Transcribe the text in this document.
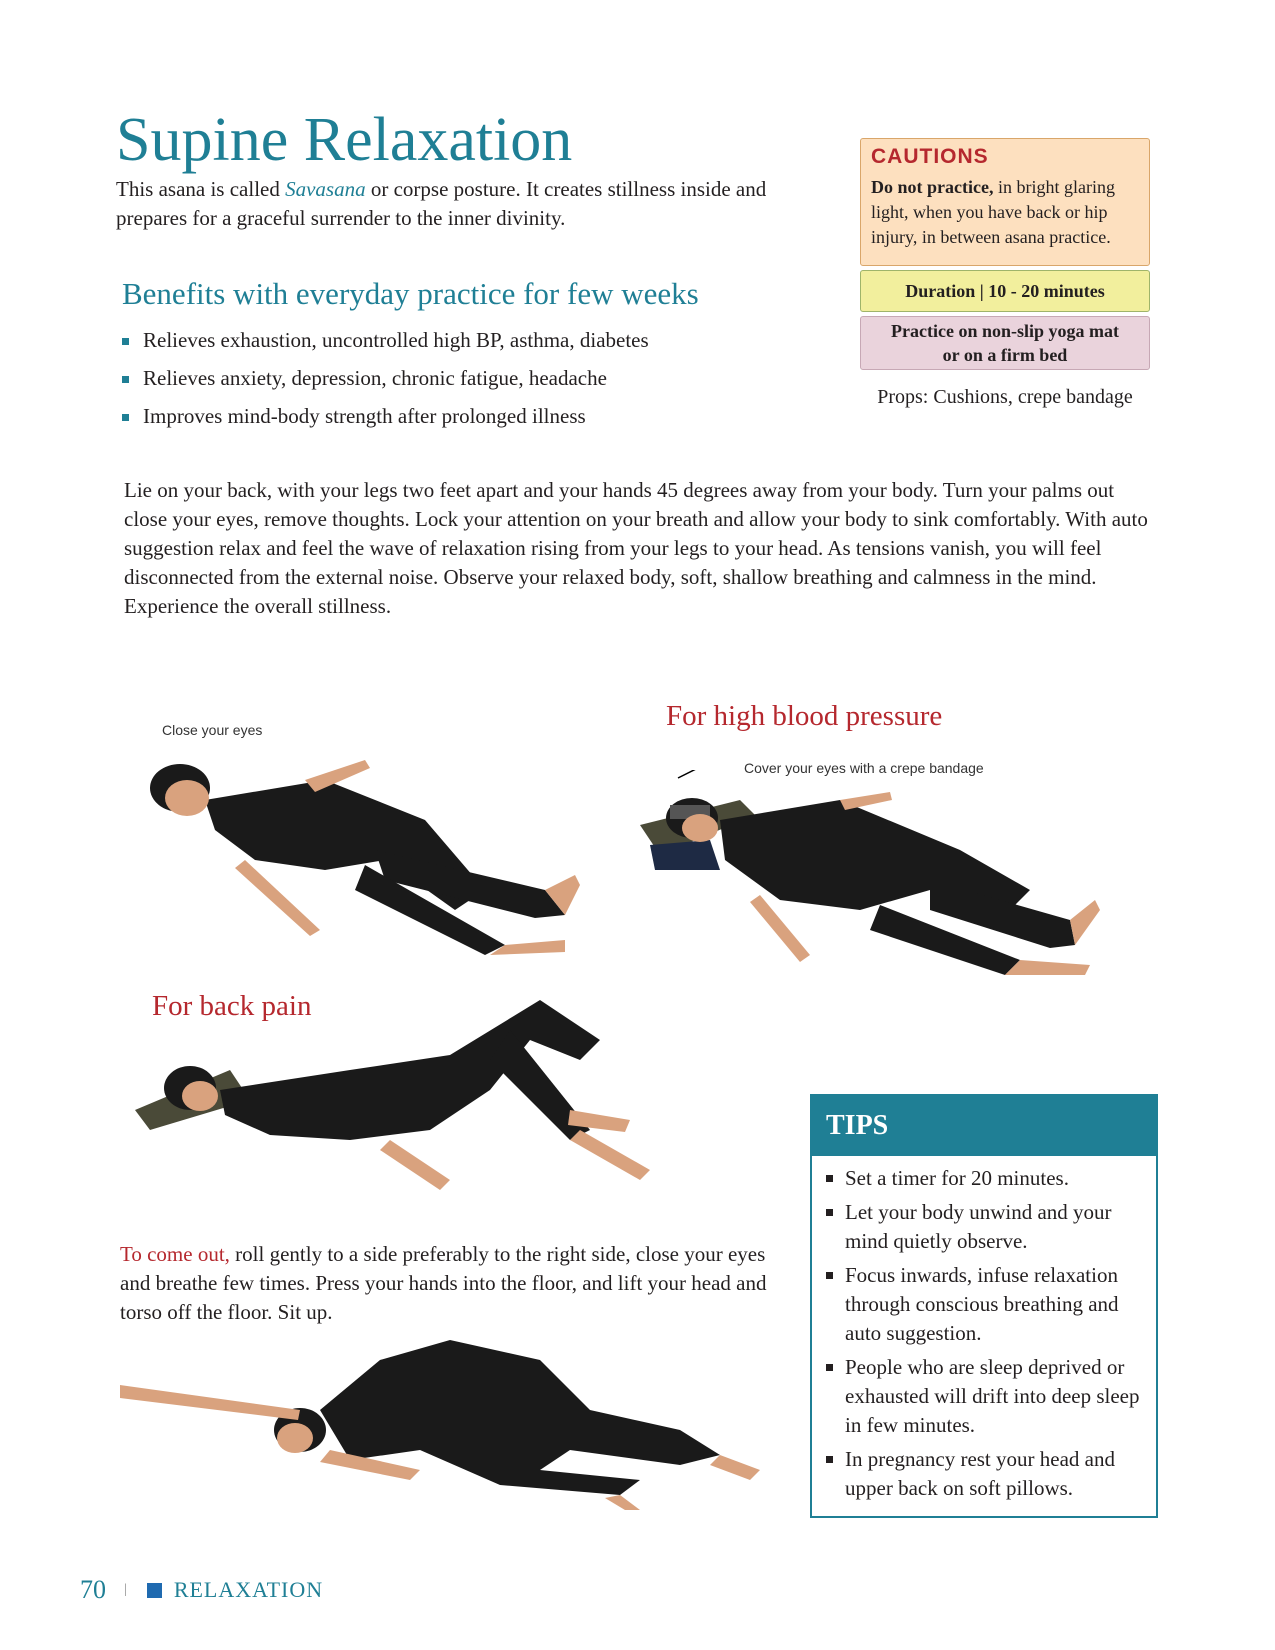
Supine Relaxation
This asana is called Savasana or corpse posture. It creates stillness inside and prepares for a graceful surrender to the inner divinity.
Benefits with everyday practice for few weeks
Relieves exhaustion, uncontrolled high BP, asthma, diabetes
Relieves anxiety, depression, chronic fatigue, headache
Improves mind-body strength after prolonged illness
CAUTIONS
Do not practice, in bright glaring light, when you have back or hip injury, in between asana practice.
Duration | 10 - 20 minutes
Practice on non-slip yoga mat
or on a firm bed
Props: Cushions, crepe bandage
Lie on your back, with your legs two feet apart and your hands 45 degrees away from your body. Turn your palms out close your eyes, remove thoughts. Lock your attention on your breath and allow your body to sink comfortably. With auto suggestion relax and feel the wave of relaxation rising from your legs to your head. As tensions vanish, you will feel disconnected from the external noise. Observe your relaxed body, soft, shallow breathing and calmness in the mind. Experience the overall stillness.
Close your eyes	For high blood pressure
Cover your eyes with a crepe bandage
For back pain
To come out, roll gently to a side preferably to the right side, close your eyes and breathe few times. Press your hands into the floor, and lift your head and torso off the floor. Sit up.
TIPS
Set a timer for 20 minutes.
Let your body unwind and your mind quietly observe.
Focus inwards, infuse relaxation through conscious breathing and auto suggestion.
People who are sleep deprived or exhausted will drift into deep sleep in few minutes.
In pregnancy rest your head and upper back on soft pillows.
70 | RELAXATION
